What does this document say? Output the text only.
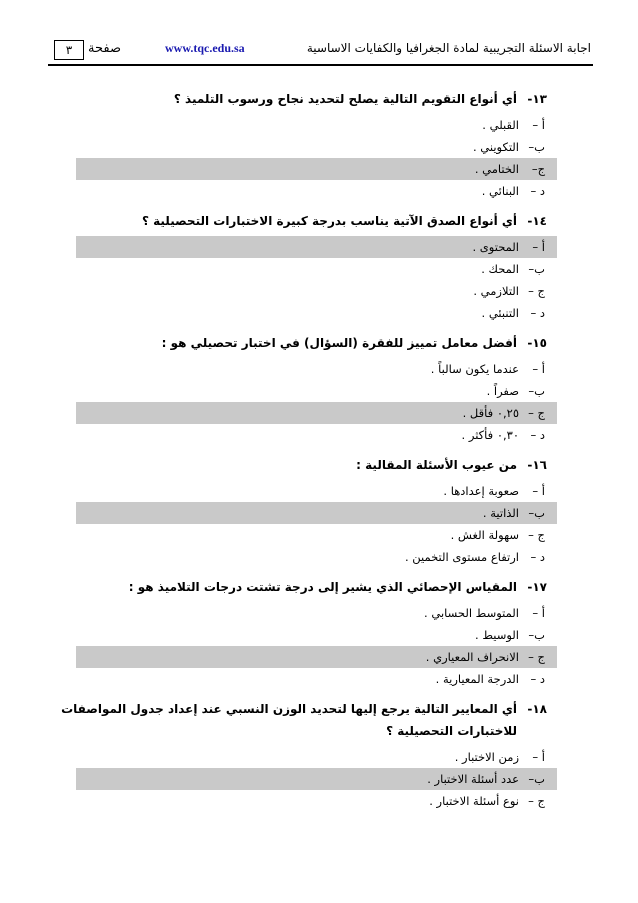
٣	صفحة	www.tqc.edu.sa	اجابة الاسئلة التجريبية لمادة الجغرافيا والكفايات الاساسية
١٣-
أي أنواع التقويم التالية يصلح لتحديد نجاح ورسوب التلميذ ؟
أ –
القبلي .
ب–
التكويني .
ج–
الختامي .
د –
البنائي .
١٤-
أي أنواع الصدق الآتية يناسب بدرجة كبيرة الاختبارات التحصيلية ؟
أ –
المحتوى .
ب–
المحك .
ج –
التلازمي .
د –
التنبئي .
١٥-
أفضل معامل تمييز للفقرة (السؤال) في اختبار تحصيلي هو :
أ –
عندما يكون سالباً .
ب–
صفراً .
ج –
٠,٢٥ فأقل .
د –
٠,٣٠ فأكثر .
١٦-
من عيوب الأسئلة المقالية :
أ –
صعوبة إعدادها .
ب–
الذاتية .
ج –
سهولة الغش .
د –
ارتفاع مستوى التخمين .
١٧-
المقياس الإحصائي الذي يشير إلى درجة تشتت درجات التلاميذ هو :
أ –
المتوسط الحسابي .
ب–
الوسيط .
ج –
الانحراف المعياري .
د –
الدرجة المعيارية .
١٨-
أي المعايير التالية يرجع إليها لتحديد الوزن النسبي عند إعداد جدول المواصفات للاختبارات التحصيلية ؟
أ –
زمن الاختبار .
ب–
عدد أسئلة الاختبار .
ج –
نوع أسئلة الاختبار .
